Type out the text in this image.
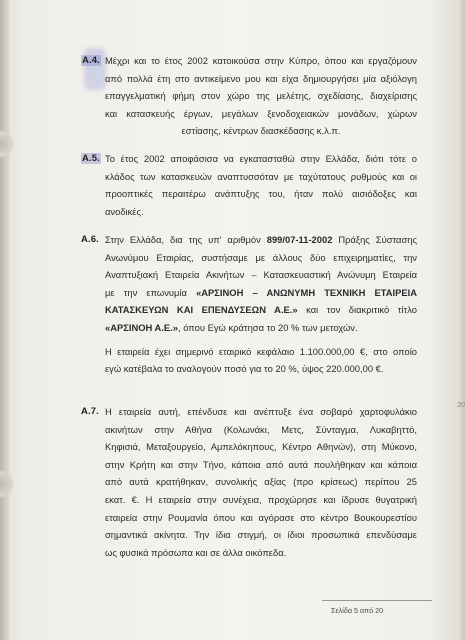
20
A.4. Μέχρι και το έτος 2002 κατοικούσα στην Κύπρο, όπου και εργαζόμουν
από πολλά έτη στο αντικείμενο μου και είχα δημιουργήσει μία αξιόλογη
επαγγελματική φήμη στον χώρο της μελέτης, σχεδίασης, διαχείρισης
και κατασκευής έργων, μεγάλων ξενοδοχειακών μονάδων, χώρων
εστίασης, κέντρων διασκέδασης κ.λ.π.
A.5. Το έτος 2002 αποφάσισα να εγκατασταθώ στην Ελλάδα, διότι τότε ο
κλάδος των κατασκευών αναπτυσσόταν με ταχύτατους ρυθμούς και οι
προοπτικές περαιτέρω ανάπτυξης του, ήταν πολύ αισιόδοξες και
ανοδικές.
A.6. Στην Ελλάδα, δια της υπ' αριθμόν 899/07-11-2002 Πράξης Σύστασης
Ανωνύμου Εταιρίας, συστήσαμε με άλλους δύο επιχειρηματίες, την
Αναπτυξιακή Εταιρεία Ακινήτων – Κατασκευαστική Ανώνυμη Εταιρεία
με την επωνυμία «ΑΡΣΙΝΟΗ – ΑΝΩΝΥΜΗ ΤΕΧΝΙΚΗ ΕΤΑΙΡΕΙΑ
ΚΑΤΑΣΚΕΥΩΝ ΚΑΙ ΕΠΕΝΔΥΣΕΩΝ Α.Ε.» και τον διακριτικό τίτλο
«ΑΡΣΙΝΟΗ Α.Ε.», όπου Εγώ κράτησα το 20 % των μετοχών.
Η εταιρεία έχει σημερινό εταιρικό κεφάλαιο 1.100.000,00 €, στο οποίο
εγώ κατέβαλα το αναλογούν ποσό για το 20 %, ύψος 220.000,00 €.
A.7. Η εταιρεία αυτή, επένδυσε και ανέπτυξε ένα σοβαρό χαρτοφυλάκιο
ακινήτων στην Αθήνα (Κολωνάκι, Mετς, Σύνταγμα, Λυκαβηττό,
Κηφισιά, Μεταξουργείο, Αμπελόκηπους, Κέντρο Αθηνών), στη Μύκονο,
στην Κρήτη και στην Τήνο, κάποια από αυτά πουλήθηκαν και κάποια
από αυτά κρατήθηκαν, συνολικής αξίας (προ κρίσεως) περίπου 25
εκατ. €. Η εταιρεία στην συνέχεια, προχώρησε και ίδρυσε θυγατρική
εταιρεία στην Ρουμανία όπου και αγόρασε στο κέντρο Βουκουρεστίου
σημαντικά ακίνητα. Την ίδια στιγμή, οι ίδιοι προσωπικά επενδύσαμε
ως φυσικά πρόσωπα και σε άλλα οικόπεδα.
Σελίδα 5 από 20
